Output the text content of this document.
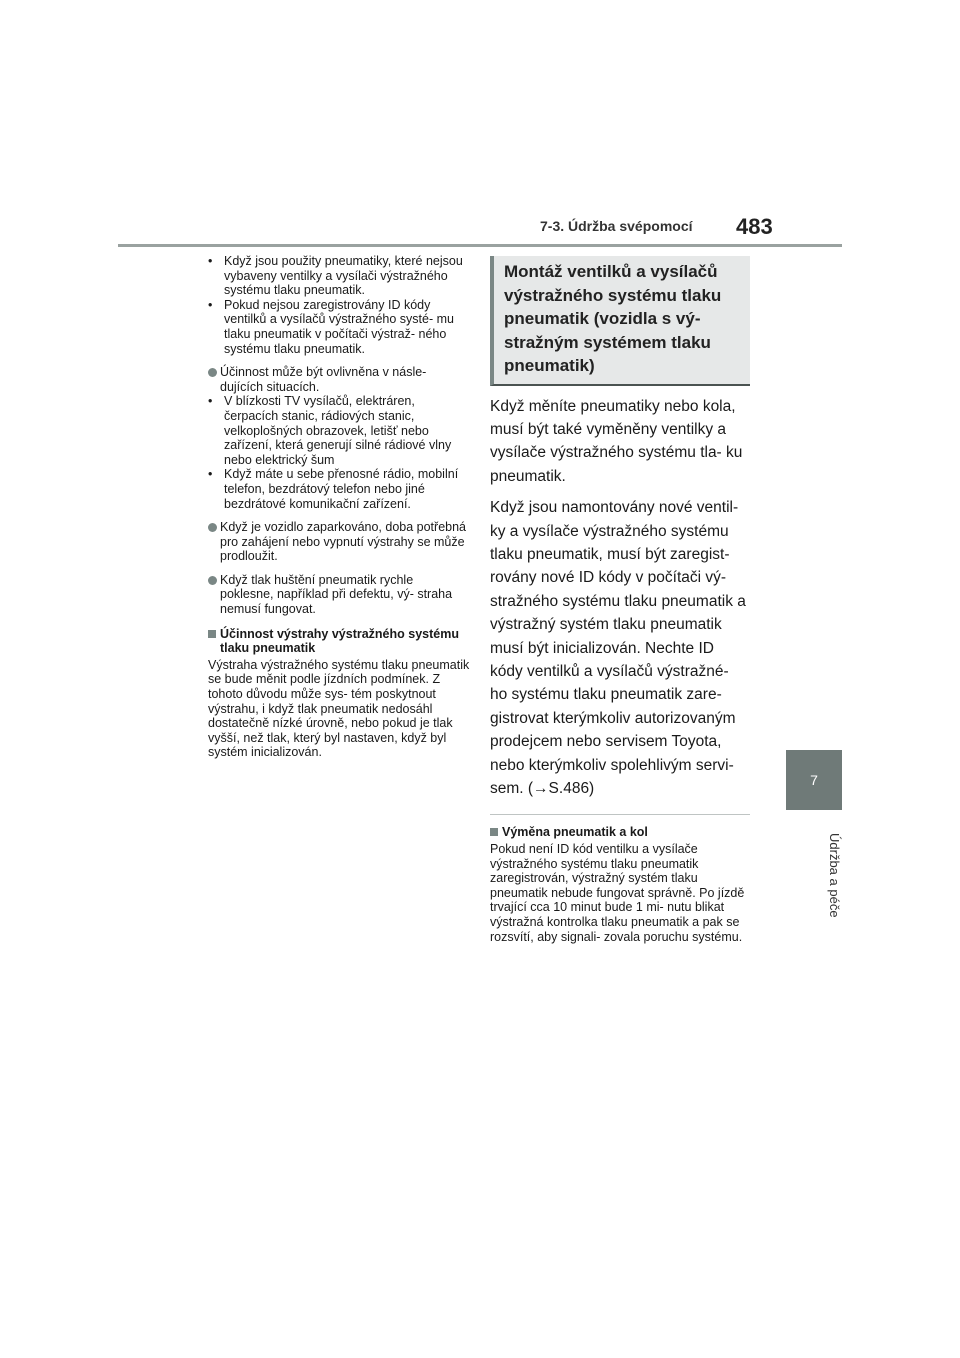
7-3. Údržba svépomocí 483
7
Údržba a péče
• Když jsou použity pneumatiky, které nejsou vybaveny ventilky a vysílači výstražného systému tlaku pneumatik.
• Pokud nejsou zaregistrovány ID kódy ventilků a vysílačů výstražného systé- mu tlaku pneumatik v počítači výstraž- ného systému tlaku pneumatik.
Účinnost může být ovlivněna v násle- dujících situacích.
• V blízkosti TV vysílačů, elektráren, čerpacích stanic, rádiových stanic, velkoplošných obrazovek, letišť nebo zařízení, která generují silné rádiové vlny nebo elektrický šum
• Když máte u sebe přenosné rádio, mobilní telefon, bezdrátový telefon nebo jiné bezdrátové komunikační zařízení.
Když je vozidlo zaparkováno, doba potřebná pro zahájení nebo vypnutí výstrahy se může prodloužit.
Když tlak huštění pneumatik rychle poklesne, například při defektu, vý- straha nemusí fungovat.
Účinnost výstrahy výstražného systému tlaku pneumatik
Výstraha výstražného systému tlaku pneumatik se bude měnit podle jízdních podmínek. Z tohoto důvodu může sys- tém poskytnout výstrahu, i když tlak pneumatik nedosáhl dostatečně nízké úrovně, nebo pokud je tlak vyšší, než tlak, který byl nastaven, když byl systém inicializován.
Montáž ventilků a vysílačů výstražného systému tlaku pneumatik (vozidla s vý- stražným systémem tlaku pneumatik)

Když měníte pneumatiky nebo kola, musí být také vyměněny ventilky a vysílače výstražného systému tla- ku pneumatik.

Když jsou namontovány nové ventil- ky a vysílače výstražného systému tlaku pneumatik, musí být zaregist- rovány nové ID kódy v počítači vý- stražného systému tlaku pneumatik a výstražný systém tlaku pneumatik musí být inicializován. Nechte ID kódy ventilků a vysílačů výstražné- ho systému tlaku pneumatik zare- gistrovat kterýmkoliv autorizovaným prodejcem nebo servisem Toyota, nebo kterýmkoliv spolehlivým servi- sem. (→S.486)

Výměna pneumatik a kol
Pokud není ID kód ventilku a vysílače výstražného systému tlaku pneumatik zaregistrován, výstražný systém tlaku pneumatik nebude fungovat správně. Po jízdě trvající cca 10 minut bude 1 mi- nutu blikat výstražná kontrolka tlaku pneumatik a pak se rozsvítí, aby signali- zovala poruchu systému.
